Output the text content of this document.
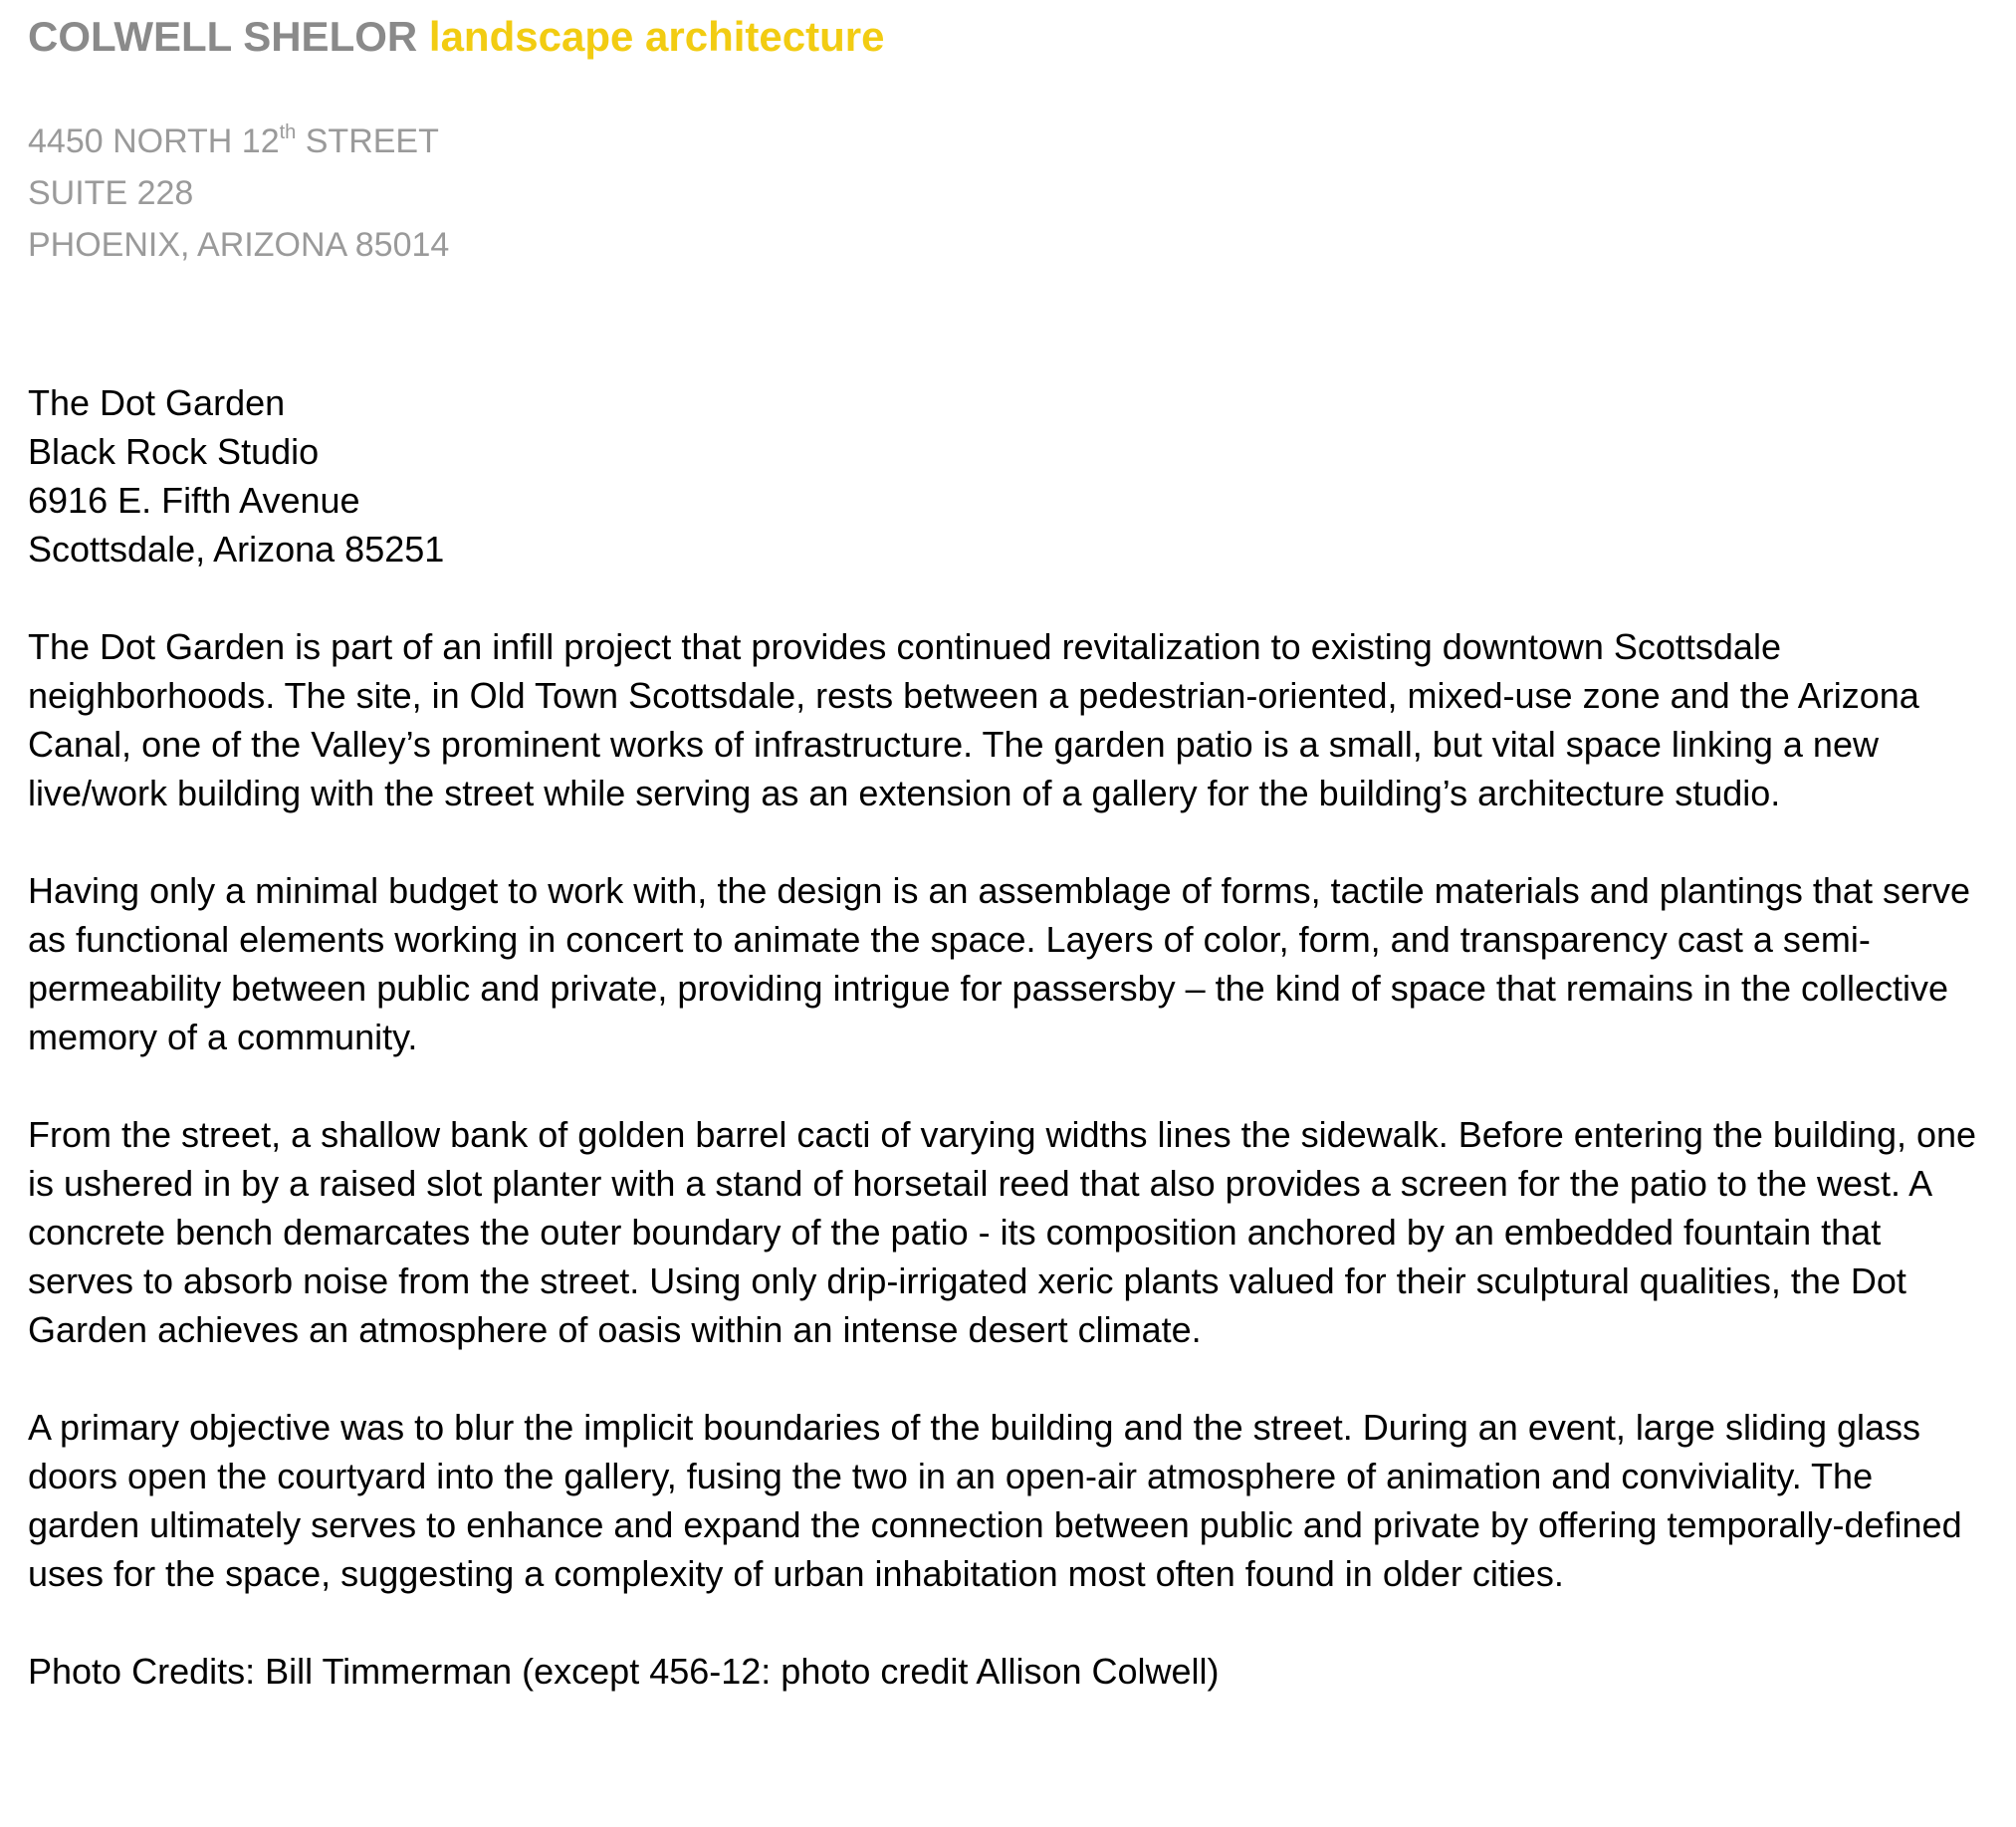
COLWELL SHELOR landscape architecture
4450 NORTH 12th STREET
SUITE 228
PHOENIX, ARIZONA 85014
The Dot Garden
Black Rock Studio
6916 E. Fifth Avenue
Scottsdale, Arizona 85251

The Dot Garden is part of an infill project that provides continued revitalization to existing downtown Scottsdale neighborhoods. The site, in Old Town Scottsdale, rests between a pedestrian-oriented, mixed-use zone and the Arizona Canal, one of the Valley’s prominent works of infrastructure. The garden patio is a small, but vital space linking a new live/work building with the street while serving as an extension of a gallery for the building’s architecture studio.

Having only a minimal budget to work with, the design is an assemblage of forms, tactile materials and plantings that serve as functional elements working in concert to animate the space. Layers of color, form, and transparency cast a semi-permeability between public and private, providing intrigue for passersby – the kind of space that remains in the collective memory of a community.

From the street, a shallow bank of golden barrel cacti of varying widths lines the sidewalk. Before entering the building, one is ushered in by a raised slot planter with a stand of horsetail reed that also provides a screen for the patio to the west. A concrete bench demarcates the outer boundary of the patio - its composition anchored by an embedded fountain that serves to absorb noise from the street. Using only drip-irrigated xeric plants valued for their sculptural qualities, the Dot Garden achieves an atmosphere of oasis within an intense desert climate.

A primary objective was to blur the implicit boundaries of the building and the street. During an event, large sliding glass doors open the courtyard into the gallery, fusing the two in an open-air atmosphere of animation and conviviality. The garden ultimately serves to enhance and expand the connection between public and private by offering temporally-defined uses for the space, suggesting a complexity of urban inhabitation most often found in older cities.

Photo Credits: Bill Timmerman (except 456-12: photo credit Allison Colwell)
